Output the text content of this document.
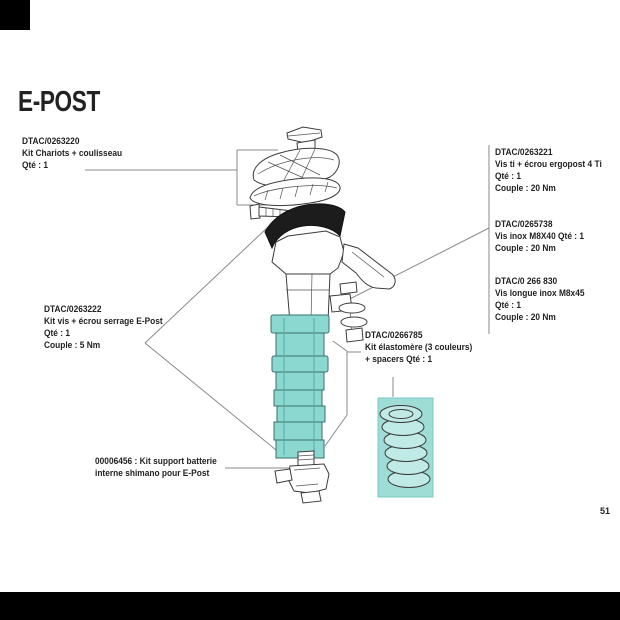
E-POST
DTAC/0263220
Kit Chariots + coulisseau
Qté : 1
DTAC/0263221
Vis ti + écrou ergopost 4 Ti
Qté : 1
Couple : 20 Nm
DTAC/0265738
Vis inox M8X40 Qté : 1
Couple : 20 Nm
DTAC/0 266 830
Vis longue inox M8x45
Qté : 1
Couple : 20 Nm
DTAC/0263222
Kit vis + écrou serrage E-Post
Qté : 1
Couple : 5 Nm
DTAC/0266785
Kit élastomère (3 couleurs)
+ spacers Qté : 1
00006456 : Kit support batterie
interne shimano pour E-Post
51
